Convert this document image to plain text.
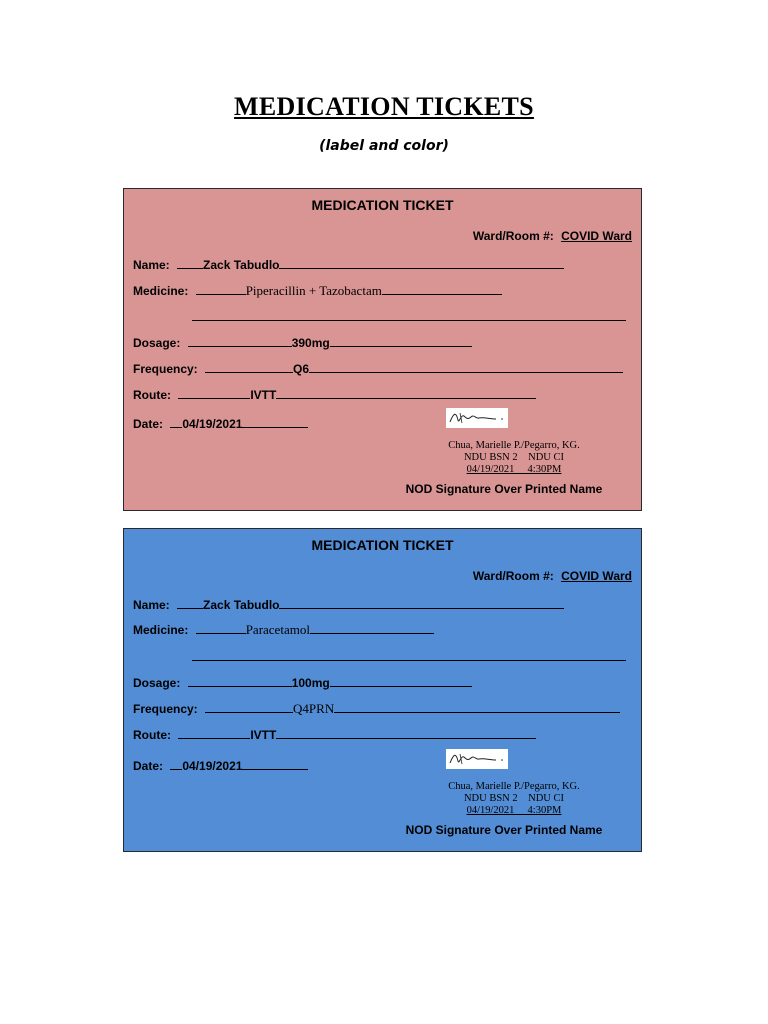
MEDICATION TICKETS
(label and color)
MEDICATION TICKET
Ward/Room #: COVID Ward
Name:	Zack Tabudlo
Medicine:	Piperacillin + Tazobactam
Dosage:	390mg
Frequency:	Q6
Route:	IVTT
Date: 04/19/2021
Chua, Marielle P./Pegarro, KG.
NDU BSN 2    NDU CI
04/19/2021     4:30PM
NOD Signature Over Printed Name
MEDICATION TICKET
Ward/Room #: COVID Ward
Name:	Zack Tabudlo
Medicine:	Paracetamol
Dosage:	100mg
Frequency:	Q4PRN
Route:	IVTT
Date: 04/19/2021
Chua, Marielle P./Pegarro, KG.
NDU BSN 2    NDU CI
04/19/2021     4:30PM
NOD Signature Over Printed Name
